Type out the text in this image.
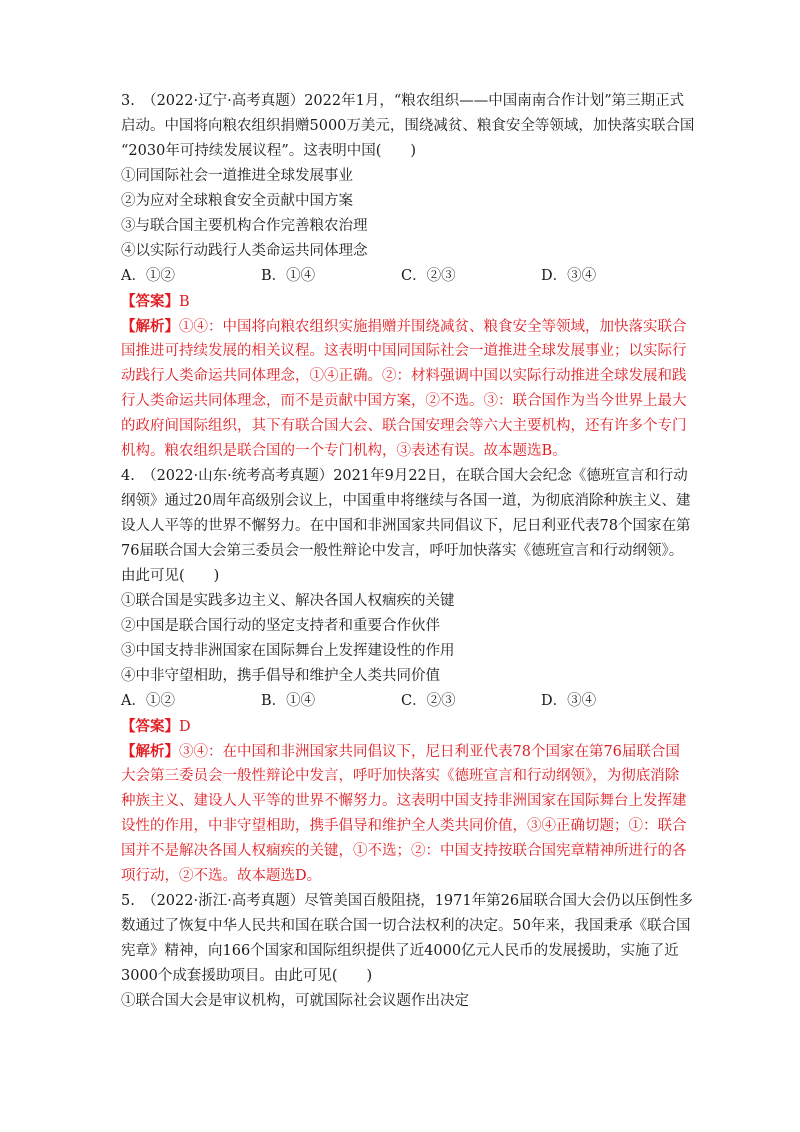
3.　（2022·辽宁·高考真题）2022年1月，“粮农组织——中国南南合作计划”第三期正式
启动。中国将向粮农组织捐赠5000万美元，围绕减贫、粮食安全等领域，加快落实联合国
“2030年可持续发展议程”。这表明中国(　　)
①同国际社会一道推进全球发展事业
②为应对全球粮食安全贡献中国方案
③与联合国主要机构合作完善粮农治理
④以实际行动践行人类命运共同体理念
A．①②	B．①④	C．②③	D．③④
【答案】B
【解析】①④：中国将向粮农组织实施捐赠并围绕减贫、粮食安全等领域，加快落实联合
国推进可持续发展的相关议程。这表明中国同国际社会一道推进全球发展事业；以实际行
动践行人类命运共同体理念，①④正确。②：材料强调中国以实际行动推进全球发展和践
行人类命运共同体理念，而不是贡献中国方案，②不选。③：联合国作为当今世界上最大
的政府间国际组织，其下有联合国大会、联合国安理会等六大主要机构，还有许多个专门
机构。粮农组织是联合国的一个专门机构，③表述有误。故本题选B。
4.　（2022·山东·统考高考真题）2021年9月22日，在联合国大会纪念《德班宣言和行动
纲领》通过20周年高级别会议上，中国重申将继续与各国一道，为彻底消除种族主义、建
设人人平等的世界不懈努力。在中国和非洲国家共同倡议下，尼日利亚代表78个国家在第
76届联合国大会第三委员会一般性辩论中发言，呼吁加快落实《德班宣言和行动纲领》。
由此可见(　　)
①联合国是实践多边主义、解决各国人权痼疾的关键
②中国是联合国行动的坚定支持者和重要合作伙伴
③中国支持非洲国家在国际舞台上发挥建设性的作用
④中非守望相助，携手倡导和维护全人类共同价值
A．①②	B．①④	C．②③	D．③④
【答案】D
【解析】③④：在中国和非洲国家共同倡议下，尼日利亚代表78个国家在第76届联合国
大会第三委员会一般性辩论中发言，呼吁加快落实《德班宣言和行动纲领》，为彻底消除
种族主义、建设人人平等的世界不懈努力。这表明中国支持非洲国家在国际舞台上发挥建
设性的作用，中非守望相助，携手倡导和维护全人类共同价值，③④正确切题；①：联合
国并不是解决各国人权痼疾的关键，①不选；②：中国支持按联合国宪章精神所进行的各
项行动，②不选。故本题选D。
5.　（2022·浙江·高考真题）尽管美国百般阻挠，1971年第26届联合国大会仍以压倒性多
数通过了恢复中华人民共和国在联合国一切合法权利的决定。50年来，我国秉承《联合国
宪章》精神，向166个国家和国际组织提供了近4000亿元人民币的发展援助，实施了近
3000个成套援助项目。由此可见(　　)
①联合国大会是审议机构，可就国际社会议题作出决定
